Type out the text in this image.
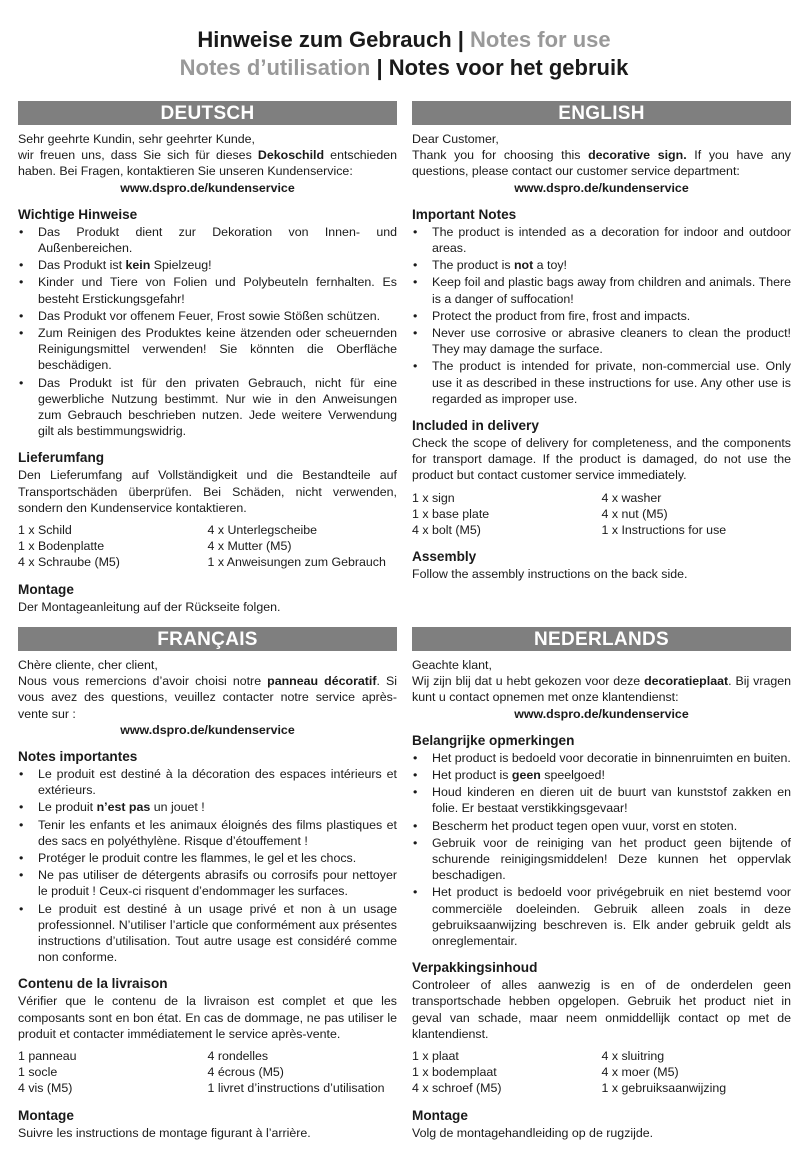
Hinweise zum Gebrauch | Notes for use
Notes d’utilisation | Notes voor het gebruik
DEUTSCH

Sehr geehrte Kundin, sehr geehrter Kunde,

wir freuen uns, dass Sie sich für dieses Dekoschild entschieden haben. Bei Fragen, kontaktieren Sie unseren Kundenservice:

www.dspro.de/kundenservice

Wichtige Hinweise
• Das Produkt dient zur Dekoration von Innen- und Außenbereichen.
• Das Produkt ist kein Spielzeug!
• Kinder und Tiere von Folien und Polybeuteln fernhalten. Es besteht Erstickungsgefahr!
• Das Produkt vor offenem Feuer, Frost sowie Stößen schützen.
• Zum Reinigen des Produktes keine ätzenden oder scheuernden Reinigungsmittel verwenden! Sie könnten die Oberfläche beschädigen.
• Das Produkt ist für den privaten Gebrauch, nicht für eine gewerbliche Nutzung bestimmt. Nur wie in den Anweisungen zum Gebrauch beschrieben nutzen. Jede weitere Verwendung gilt als bestimmungswidrig.
Lieferumfang

Den Lieferumfang auf Vollständigkeit und die Bestandteile auf Transportschäden überprüfen. Bei Schäden, nicht verwenden, sondern den Kundenservice kontaktieren.

1 x Schild	4 x Unterlegscheibe
1 x Bodenplatte	4 x Mutter (M5)
4 x Schraube (M5)	1 x Anweisungen zum Gebrauch
Montage

Der Montageanleitung auf der Rückseite folgen.

ENGLISH

Dear Customer,

Thank you for choosing this decorative sign. If you have any questions, please contact our customer service department:

www.dspro.de/kundenservice

Important Notes
• The product is intended as a decoration for indoor and outdoor areas.
• The product is not a toy!
• Keep foil and plastic bags away from children and animals. There is a danger of suffocation!
• Protect the product from fire, frost and impacts.
• Never use corrosive or abrasive cleaners to clean the product! They may damage the surface.
• The product is intended for private, non-commercial use. Only use it as described in these instructions for use. Any other use is regarded as improper use.
Included in delivery

Check the scope of delivery for completeness, and the components for transport damage. If the product is damaged, do not use the product but contact customer service immediately.

1 x sign	4 x washer
1 x base plate	4 x nut (M5)
4 x bolt (M5)	1 x Instructions for use
Assembly

Follow the assembly instructions on the back side.

FRANÇAIS

Chère cliente, cher client,

Nous vous remercions d’avoir choisi notre panneau décoratif. Si vous avez des questions, veuillez contacter notre service après-vente sur :

www.dspro.de/kundenservice

Notes importantes
• Le produit est destiné à la décoration des espaces intérieurs et extérieurs.
• Le produit n’est pas un jouet !
• Tenir les enfants et les animaux éloignés des films plastiques et des sacs en polyéthylène. Risque d’étouffement !
• Protéger le produit contre les flammes, le gel et les chocs.
• Ne pas utiliser de détergents abrasifs ou corrosifs pour nettoyer le produit ! Ceux-ci risquent d’endommager les surfaces.
• Le produit est destiné à un usage privé et non à un usage professionnel. N’utiliser l’article que conformément aux présentes instructions d’utilisation. Tout autre usage est considéré comme non conforme.
Contenu de la livraison

Vérifier que le contenu de la livraison est complet et que les composants sont en bon état. En cas de dommage, ne pas utiliser le produit et contacter immédiatement le service après-vente.

1 panneau	4 rondelles
1 socle	4 écrous (M5)
4 vis (M5)	1 livret d’instructions d’utilisation
Montage

Suivre les instructions de montage figurant à l’arrière.

NEDERLANDS

Geachte klant,

Wij zijn blij dat u hebt gekozen voor deze decoratieplaat. Bij vragen kunt u contact opnemen met onze klantendienst:

www.dspro.de/kundenservice

Belangrijke opmerkingen
• Het product is bedoeld voor decoratie in binnenruimten en buiten.
• Het product is geen speelgoed!
• Houd kinderen en dieren uit de buurt van kunststof zakken en folie. Er bestaat verstikkingsgevaar!
• Bescherm het product tegen open vuur, vorst en stoten.
• Gebruik voor de reiniging van het product geen bijtende of schurende reinigingsmiddelen! Deze kunnen het oppervlak beschadigen.
• Het product is bedoeld voor privégebruik en niet bestemd voor commerciële doeleinden. Gebruik alleen zoals in deze gebruiksaanwijzing beschreven is. Elk ander gebruik geldt als onreglementair.
Verpakkingsinhoud

Controleer of alles aanwezig is en of de onderdelen geen transportschade hebben opgelopen. Gebruik het product niet in geval van schade, maar neem onmiddellijk contact op met de klantendienst.

1 x plaat	4 x sluitring
1 x bodemplaat	4 x moer (M5)
4 x schroef (M5)	1 x gebruiksaanwijzing
Montage

Volg de montagehandleiding op de rugzijde.
